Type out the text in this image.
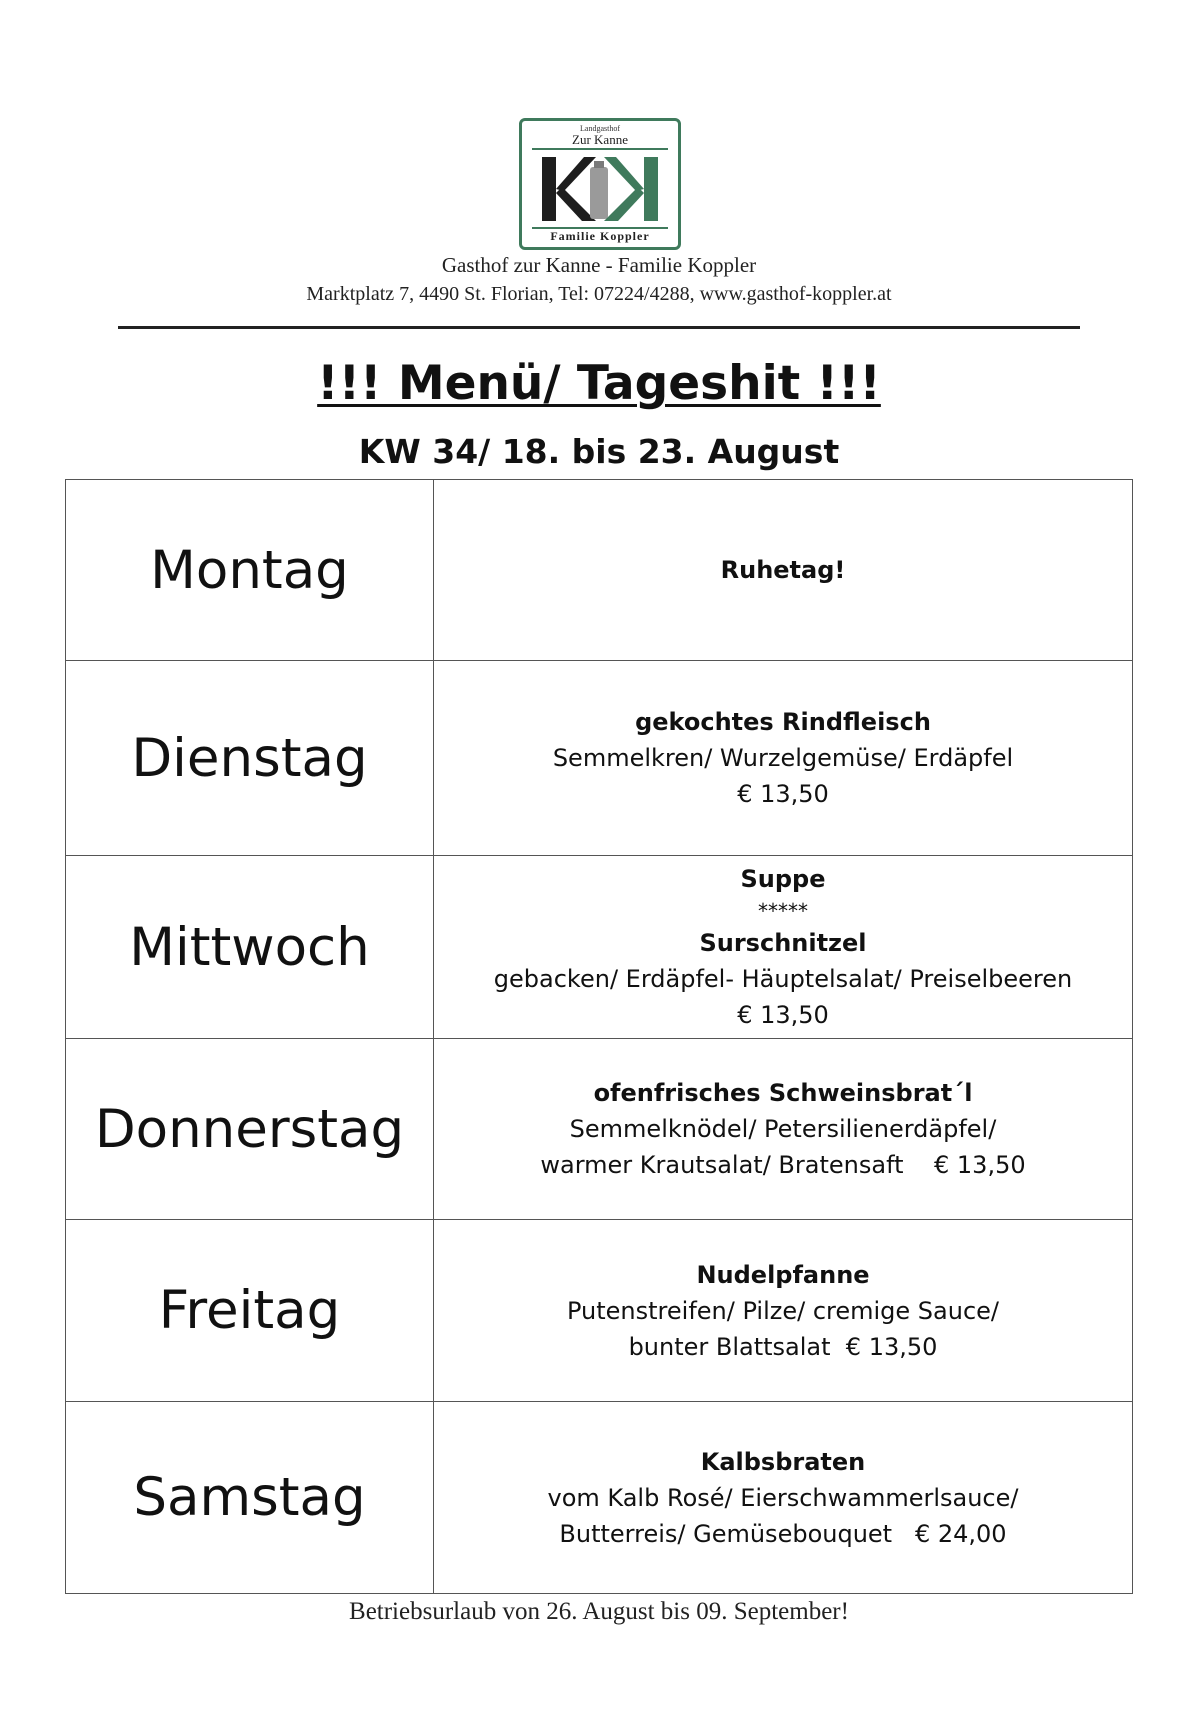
Landgasthof
Zur Kanne
Familie Koppler
Gasthof zur Kanne - Familie Koppler
Marktplatz 7, 4490 St. Florian, Tel: 07224/4288, www.gasthof-koppler.at
!!! Menü/ Tageshit !!!
KW 34/ 18. bis 23. August
Montag	Ruhetag!

Dienstag	gekochtes Rindfleisch
Semmelkren/ Wurzelgemüse/ Erdäpfel
€ 13,50

Mittwoch	Suppe
*****
Surschnitzel
gebacken/ Erdäpfel- Häuptelsalat/ Preiselbeeren
€ 13,50

Donnerstag	ofenfrisches Schweinsbrat´l
Semmelknödel/ Petersilienerdäpfel/
warmer Krautsalat/ Bratensaft    € 13,50

Freitag	Nudelpfanne
Putenstreifen/ Pilze/ cremige Sauce/
bunter Blattsalat  € 13,50

Samstag	Kalbsbraten
vom Kalb Rosé/ Eierschwammerlsauce/
Butterreis/ Gemüsebouquet   € 24,00
Betriebsurlaub von 26. August bis 09. September!
